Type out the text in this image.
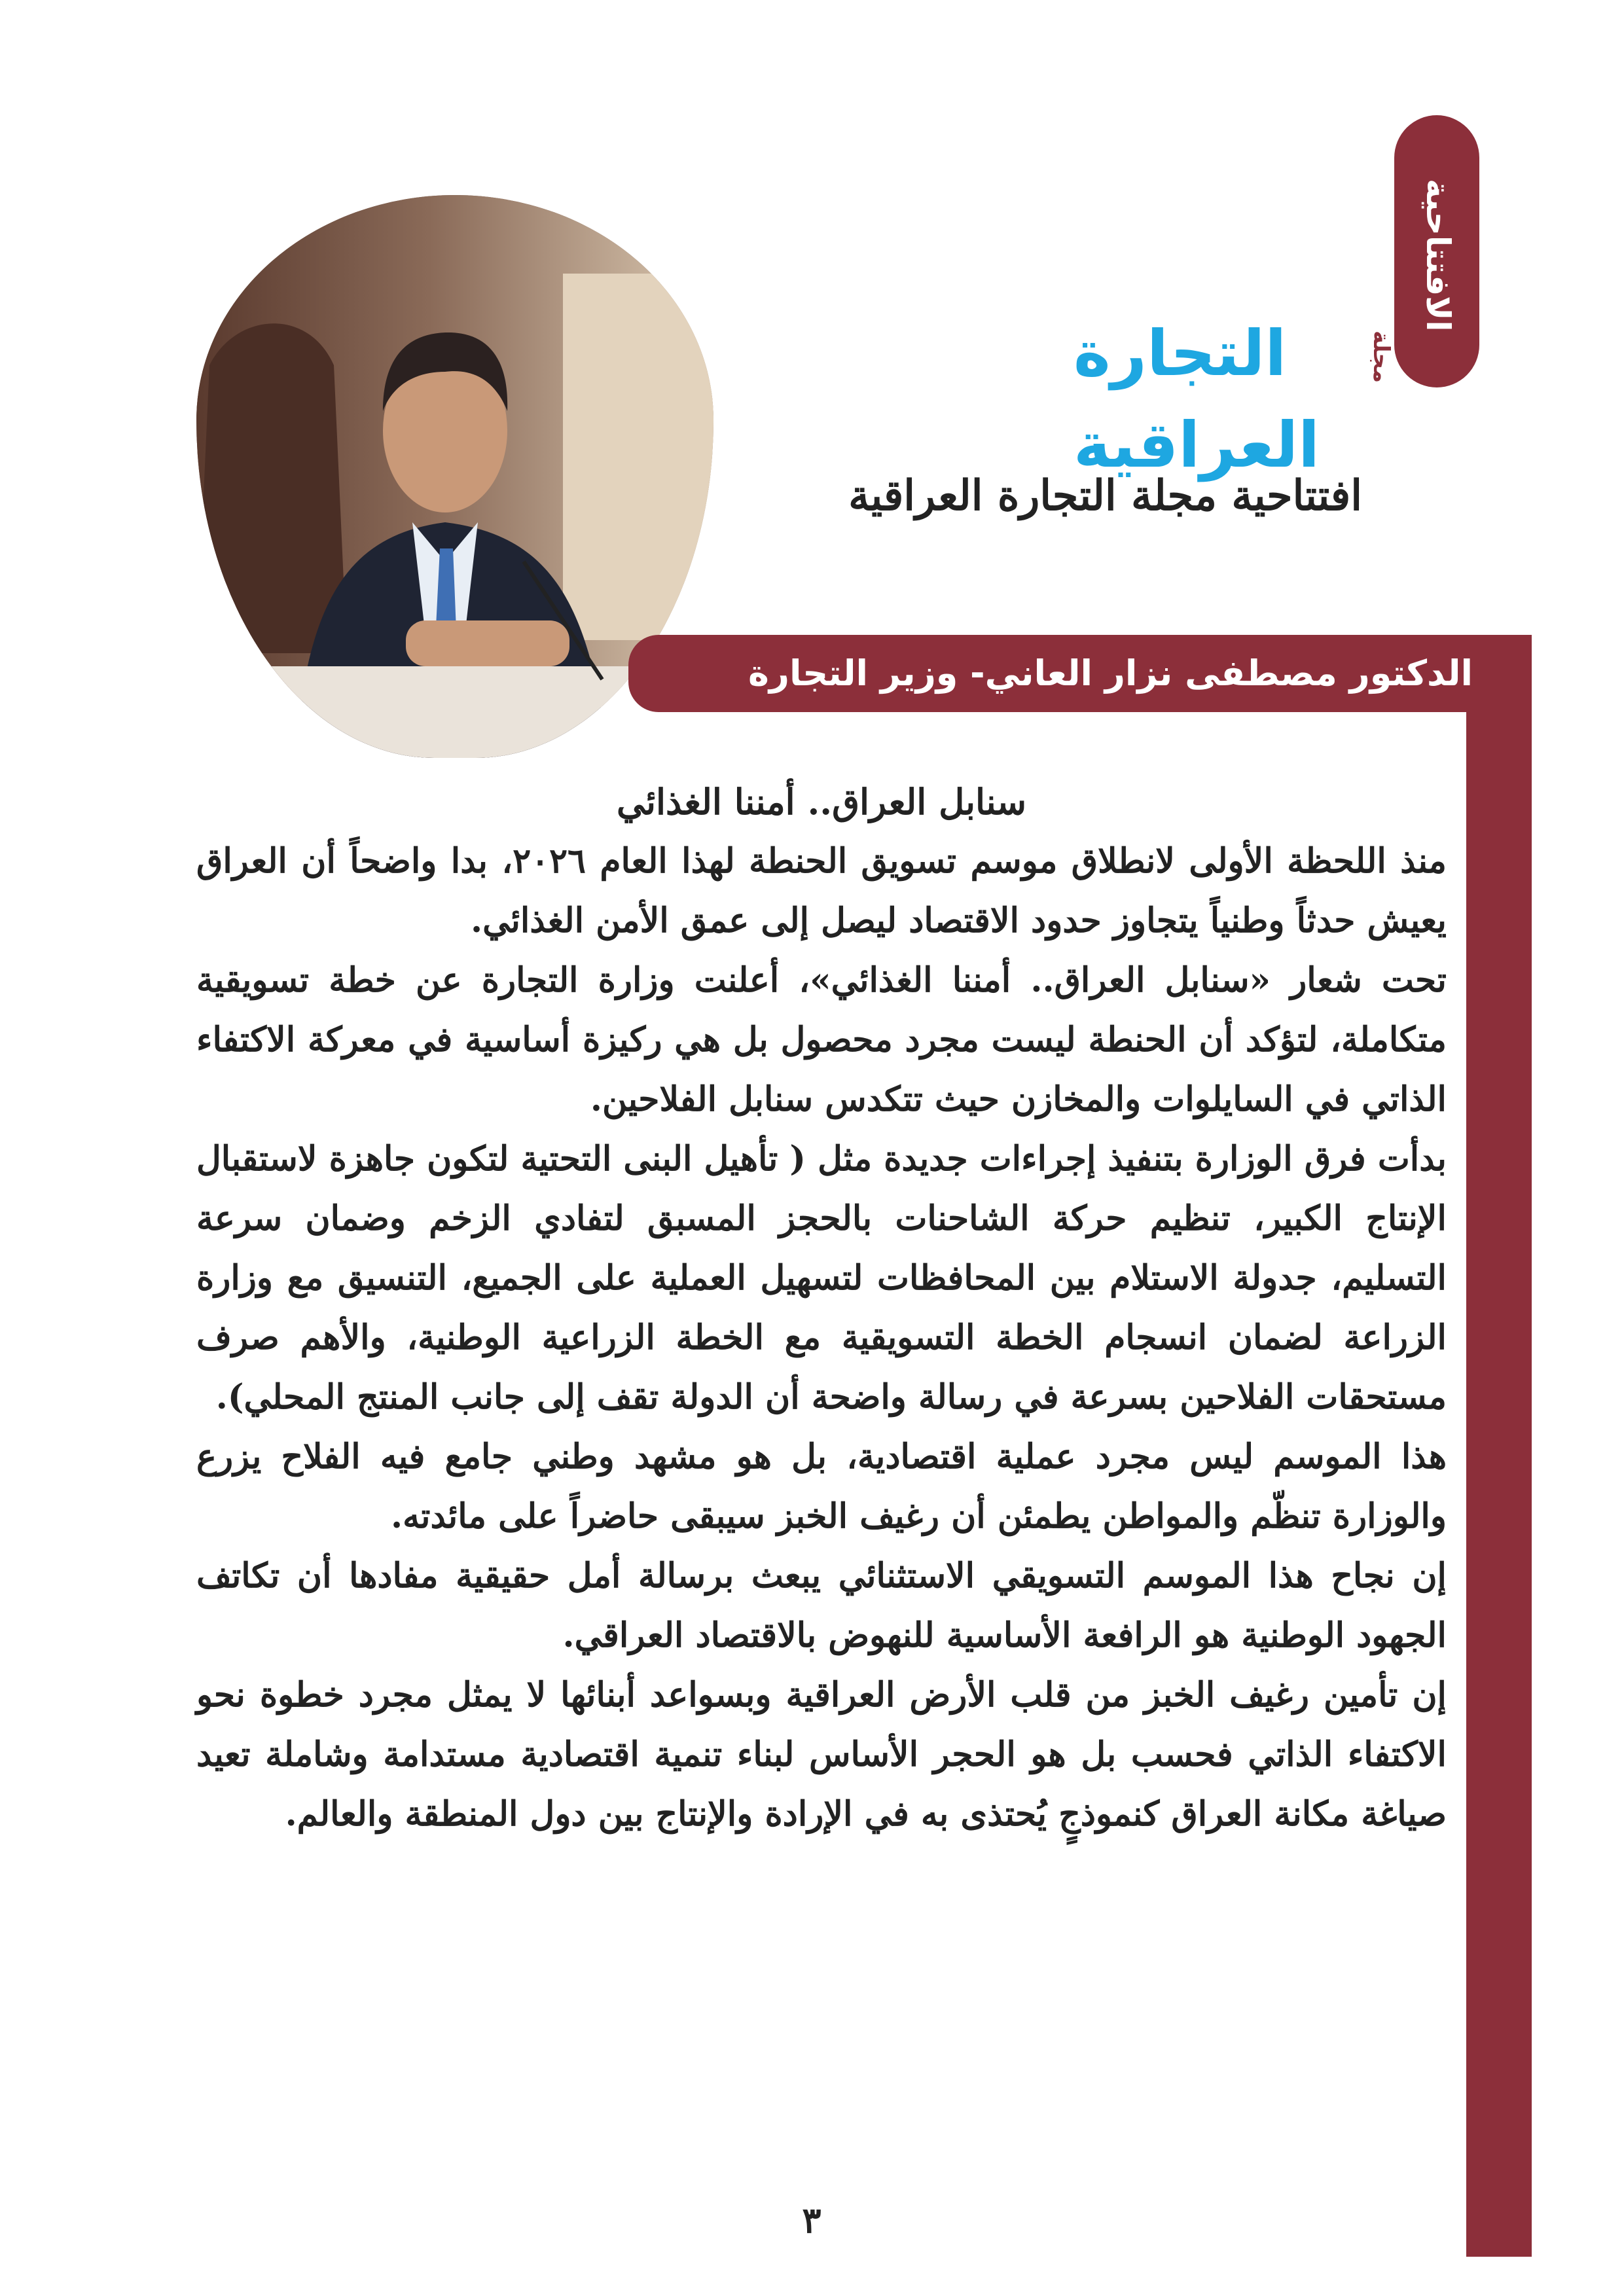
الافتتاحية
التجارة العراقية
مجلة
افتتاحية مجلة التجارة العراقية
الدكتور مصطفى نزار العاني- وزير التجارة
سنابل العراق.. أمننا الغذائي

منذ اللحظة الأولى لانطلاق موسم تسويق الحنطة لهذا العام ٢٠٢٦، بدا واضحاً أن العراق يعيش حدثاً وطنياً يتجاوز حدود الاقتصاد ليصل إلى عمق الأمن الغذائي.

تحت شعار «سنابل العراق.. أمننا الغذائي»، أعلنت وزارة التجارة عن خطة تسويقية متكاملة، لتؤكد أن الحنطة ليست مجرد محصول بل هي ركيزة أساسية في معركة الاكتفاء الذاتي في السايلوات والمخازن حيث تتكدس سنابل الفلاحين.

بدأت فرق الوزارة بتنفيذ إجراءات جديدة مثل ( تأهيل البنى التحتية لتكون جاهزة لاستقبال الإنتاج الكبير، تنظيم حركة الشاحنات بالحجز المسبق لتفادي الزخم وضمان سرعة التسليم، جدولة الاستلام بين المحافظات لتسهيل العملية على الجميع، التنسيق مع وزارة الزراعة لضمان انسجام الخطة التسويقية مع الخطة الزراعية الوطنية، والأهم صرف مستحقات الفلاحين بسرعة في رسالة واضحة أن الدولة تقف إلى جانب المنتج المحلي).

هذا الموسم ليس مجرد عملية اقتصادية، بل هو مشهد وطني جامع فيه الفلاح يزرع والوزارة تنظّم والمواطن يطمئن أن رغيف الخبز سيبقى حاضراً على مائدته.

إن نجاح هذا الموسم التسويقي الاستثنائي يبعث برسالة أمل حقيقية مفادها أن تكاتف الجهود الوطنية هو الرافعة الأساسية للنهوض بالاقتصاد العراقي.

إن تأمين رغيف الخبز من قلب الأرض العراقية وبسواعد أبنائها لا يمثل مجرد خطوة نحو الاكتفاء الذاتي فحسب بل هو الحجر الأساس لبناء تنمية اقتصادية مستدامة وشاملة تعيد صياغة مكانة العراق كنموذجٍ يُحتذى به في الإرادة والإنتاج بين دول المنطقة والعالم.

٣
